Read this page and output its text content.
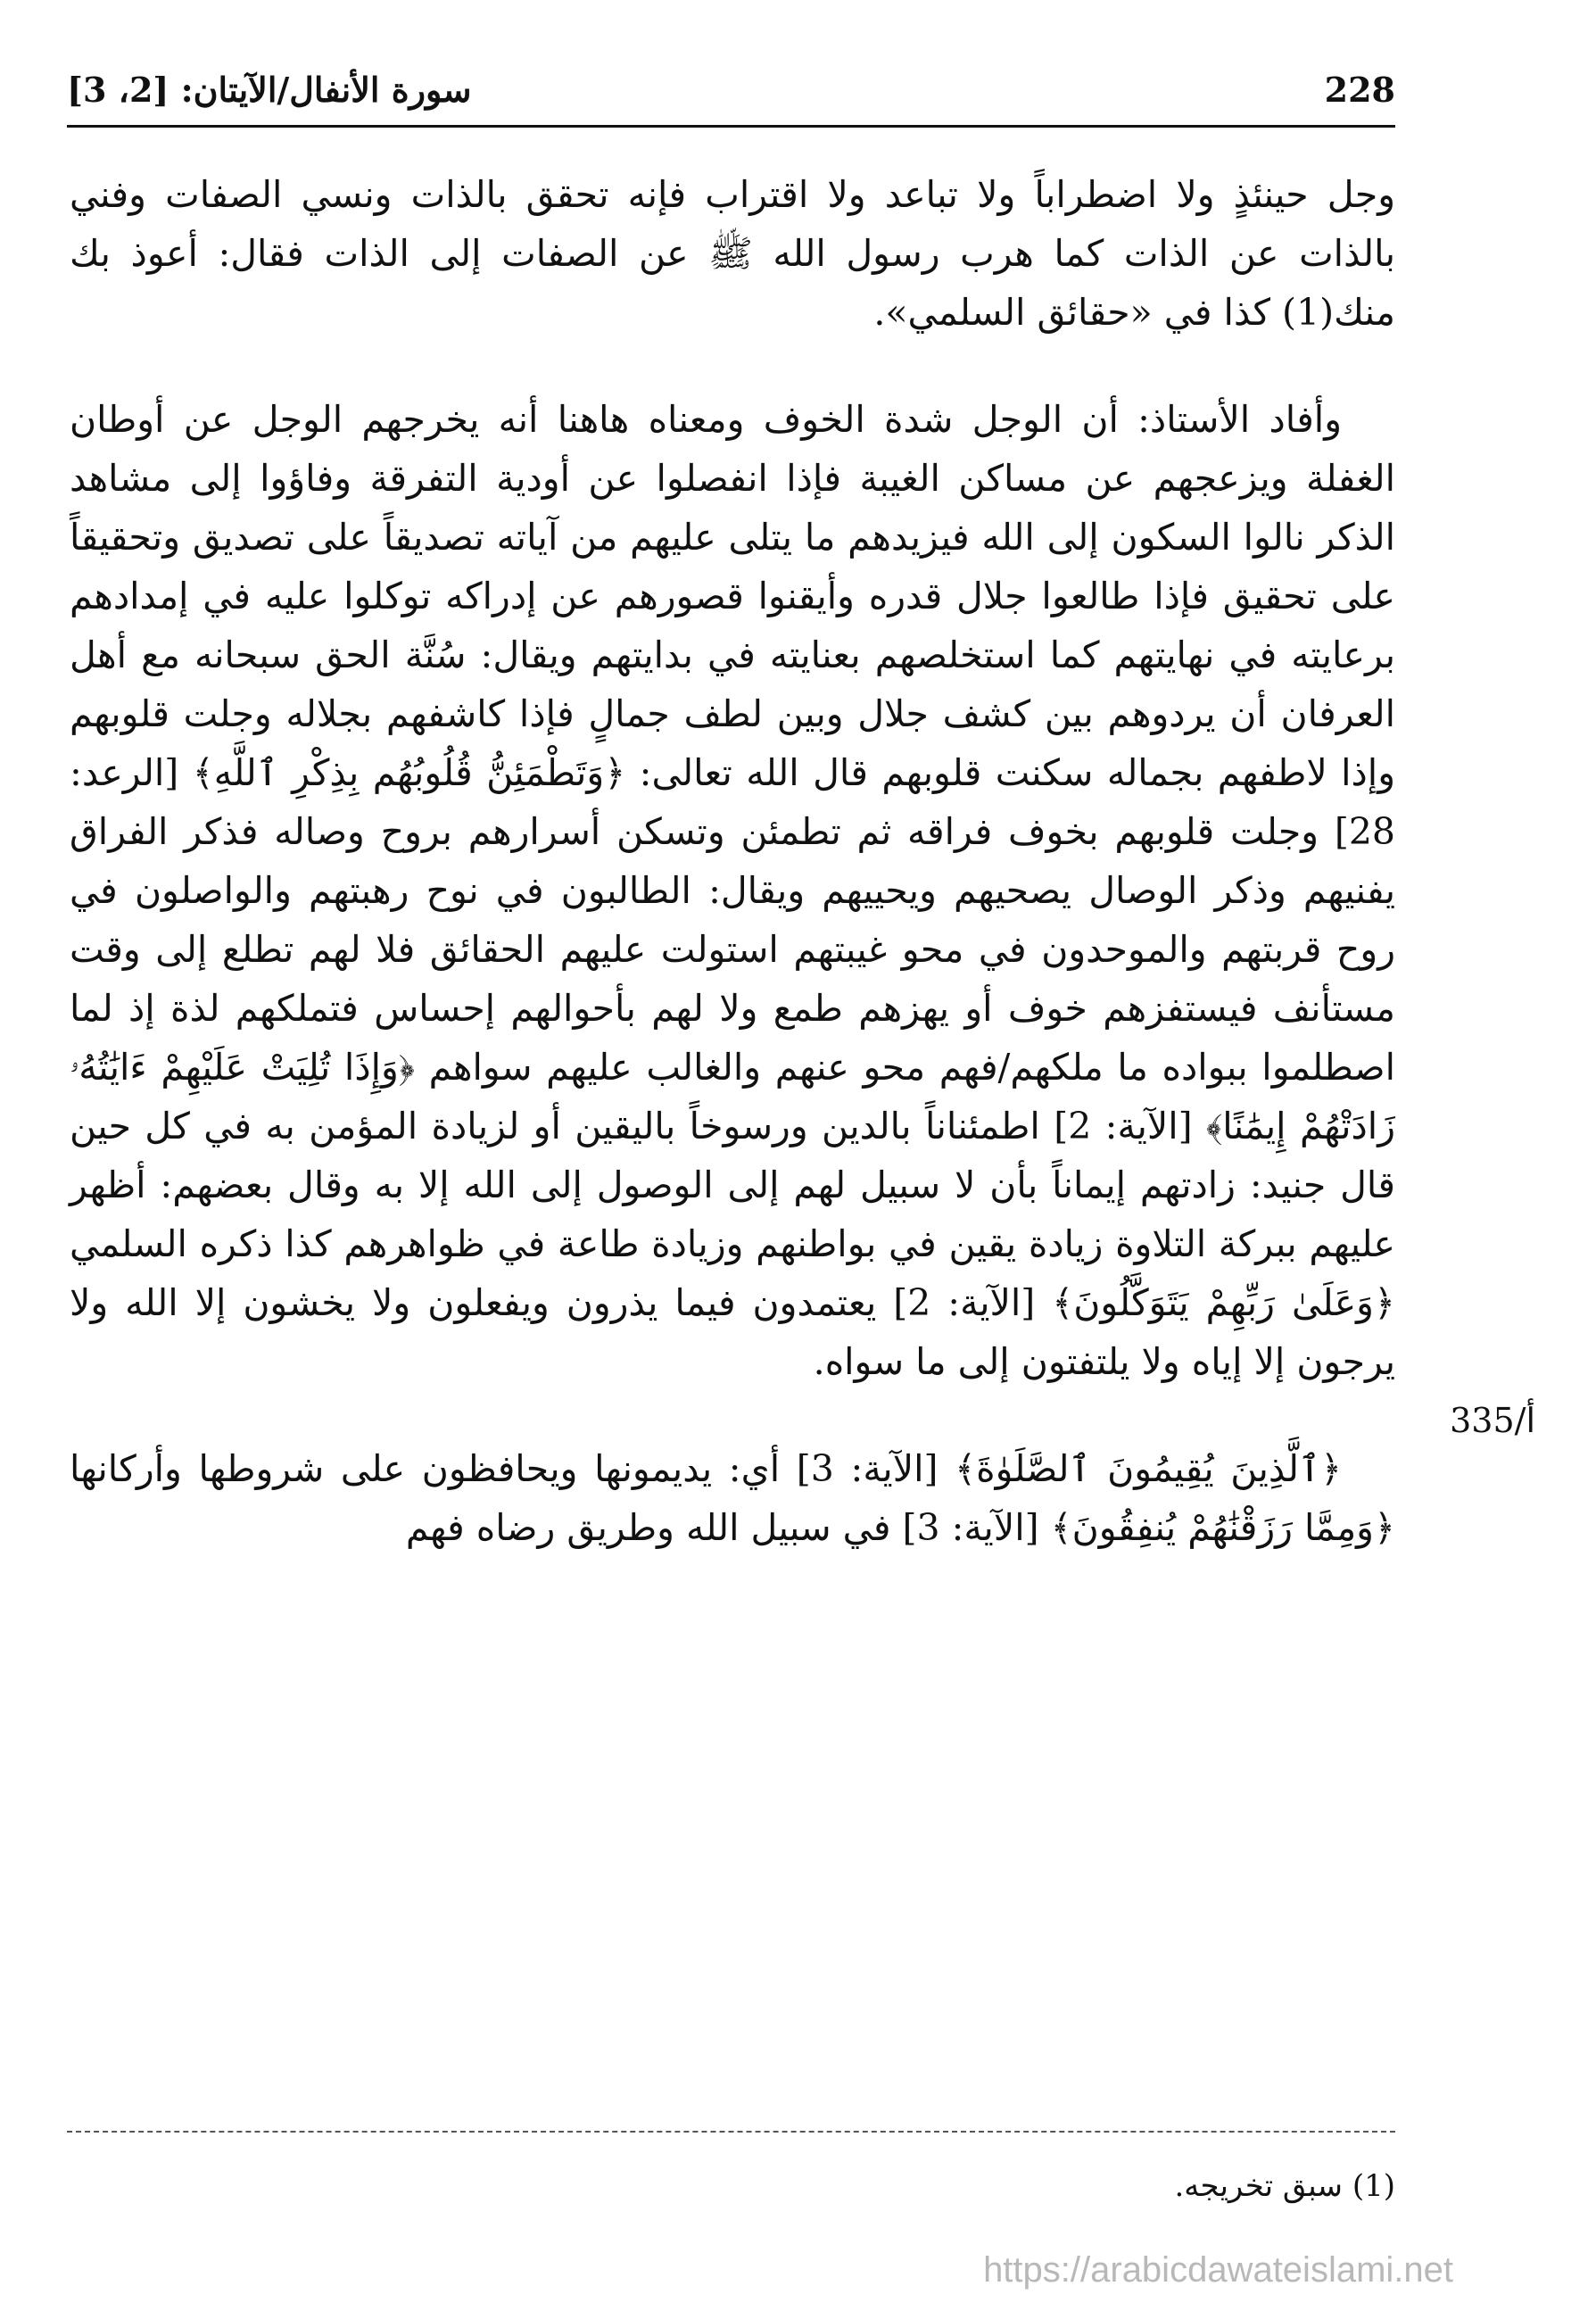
228
سورة الأنفال/الآيتان: [2، 3]

وجل حينئذٍ ولا اضطراباً ولا تباعد ولا اقتراب فإنه تحقق بالذات ونسي الصفات وفني بالذات عن الذات كما هرب رسول الله ﷺ عن الصفات إلى الذات فقال: أعوذ بك منك(1) كذا في «حقائق السلمي».

وأفاد الأستاذ: أن الوجل شدة الخوف ومعناه هاهنا أنه يخرجهم الوجل عن أوطان الغفلة ويزعجهم عن مساكن الغيبة فإذا انفصلوا عن أودية التفرقة وفاؤوا إلى مشاهد الذكر نالوا السكون إلى الله فيزيدهم ما يتلى عليهم من آياته تصديقاً على تصديق وتحقيقاً على تحقيق فإذا طالعوا جلال قدره وأيقنوا قصورهم عن إدراكه توكلوا عليه في إمدادهم برعايته في نهايتهم كما استخلصهم بعنايته في بدايتهم ويقال: سُنَّة الحق سبحانه مع أهل العرفان أن يردوهم بين كشف جلال وبين لطف جمالٍ فإذا كاشفهم بجلاله وجلت قلوبهم وإذا لاطفهم بجماله سكنت قلوبهم قال الله تعالى: ﴿وَتَطْمَئِنُّ قُلُوبُهُم بِذِكْرِ ٱللَّهِ﴾ [الرعد: 28] وجلت قلوبهم بخوف فراقه ثم تطمئن وتسكن أسرارهم بروح وصاله فذكر الفراق يفنيهم وذكر الوصال يصحيهم ويحييهم ويقال: الطالبون في نوح رهبتهم والواصلون في روح قربتهم والموحدون في محو غيبتهم استولت عليهم الحقائق فلا لهم تطلع إلى وقت مستأنف فيستفزهم خوف أو يهزهم طمع ولا لهم بأحوالهم إحساس فتملكهم لذة إذ لما اصطلموا ببواده ما ملكهم/فهم محو عنهم والغالب عليهم سواهم ﴿وَإِذَا تُلِيَتْ عَلَيْهِمْ ءَايَٰتُهُۥ زَادَتْهُمْ إِيمَٰنًا﴾ [الآية: 2] اطمئناناً بالدين ورسوخاً باليقين أو لزيادة المؤمن به في كل حين قال جنيد: زادتهم إيماناً بأن لا سبيل لهم إلى الوصول إلى الله إلا به وقال بعضهم: أظهر عليهم ببركة التلاوة زيادة يقين في بواطنهم وزيادة طاعة في ظواهرهم كذا ذكره السلمي ﴿وَعَلَىٰ رَبِّهِمْ يَتَوَكَّلُونَ﴾ [الآية: 2] يعتمدون فيما يذرون ويفعلون ولا يخشون إلا الله ولا يرجون إلا إياه ولا يلتفتون إلى ما سواه.

﴿ٱلَّذِينَ يُقِيمُونَ ٱلصَّلَوٰةَ﴾ [الآية: 3] أي: يديمونها ويحافظون على شروطها وأركانها ﴿وَمِمَّا رَزَقْنَٰهُمْ يُنفِقُونَ﴾ [الآية: 3] في سبيل الله وطريق رضاه فهم

335/أ
(1) سبق تخريجه.
https://arabicdawateislami.net
